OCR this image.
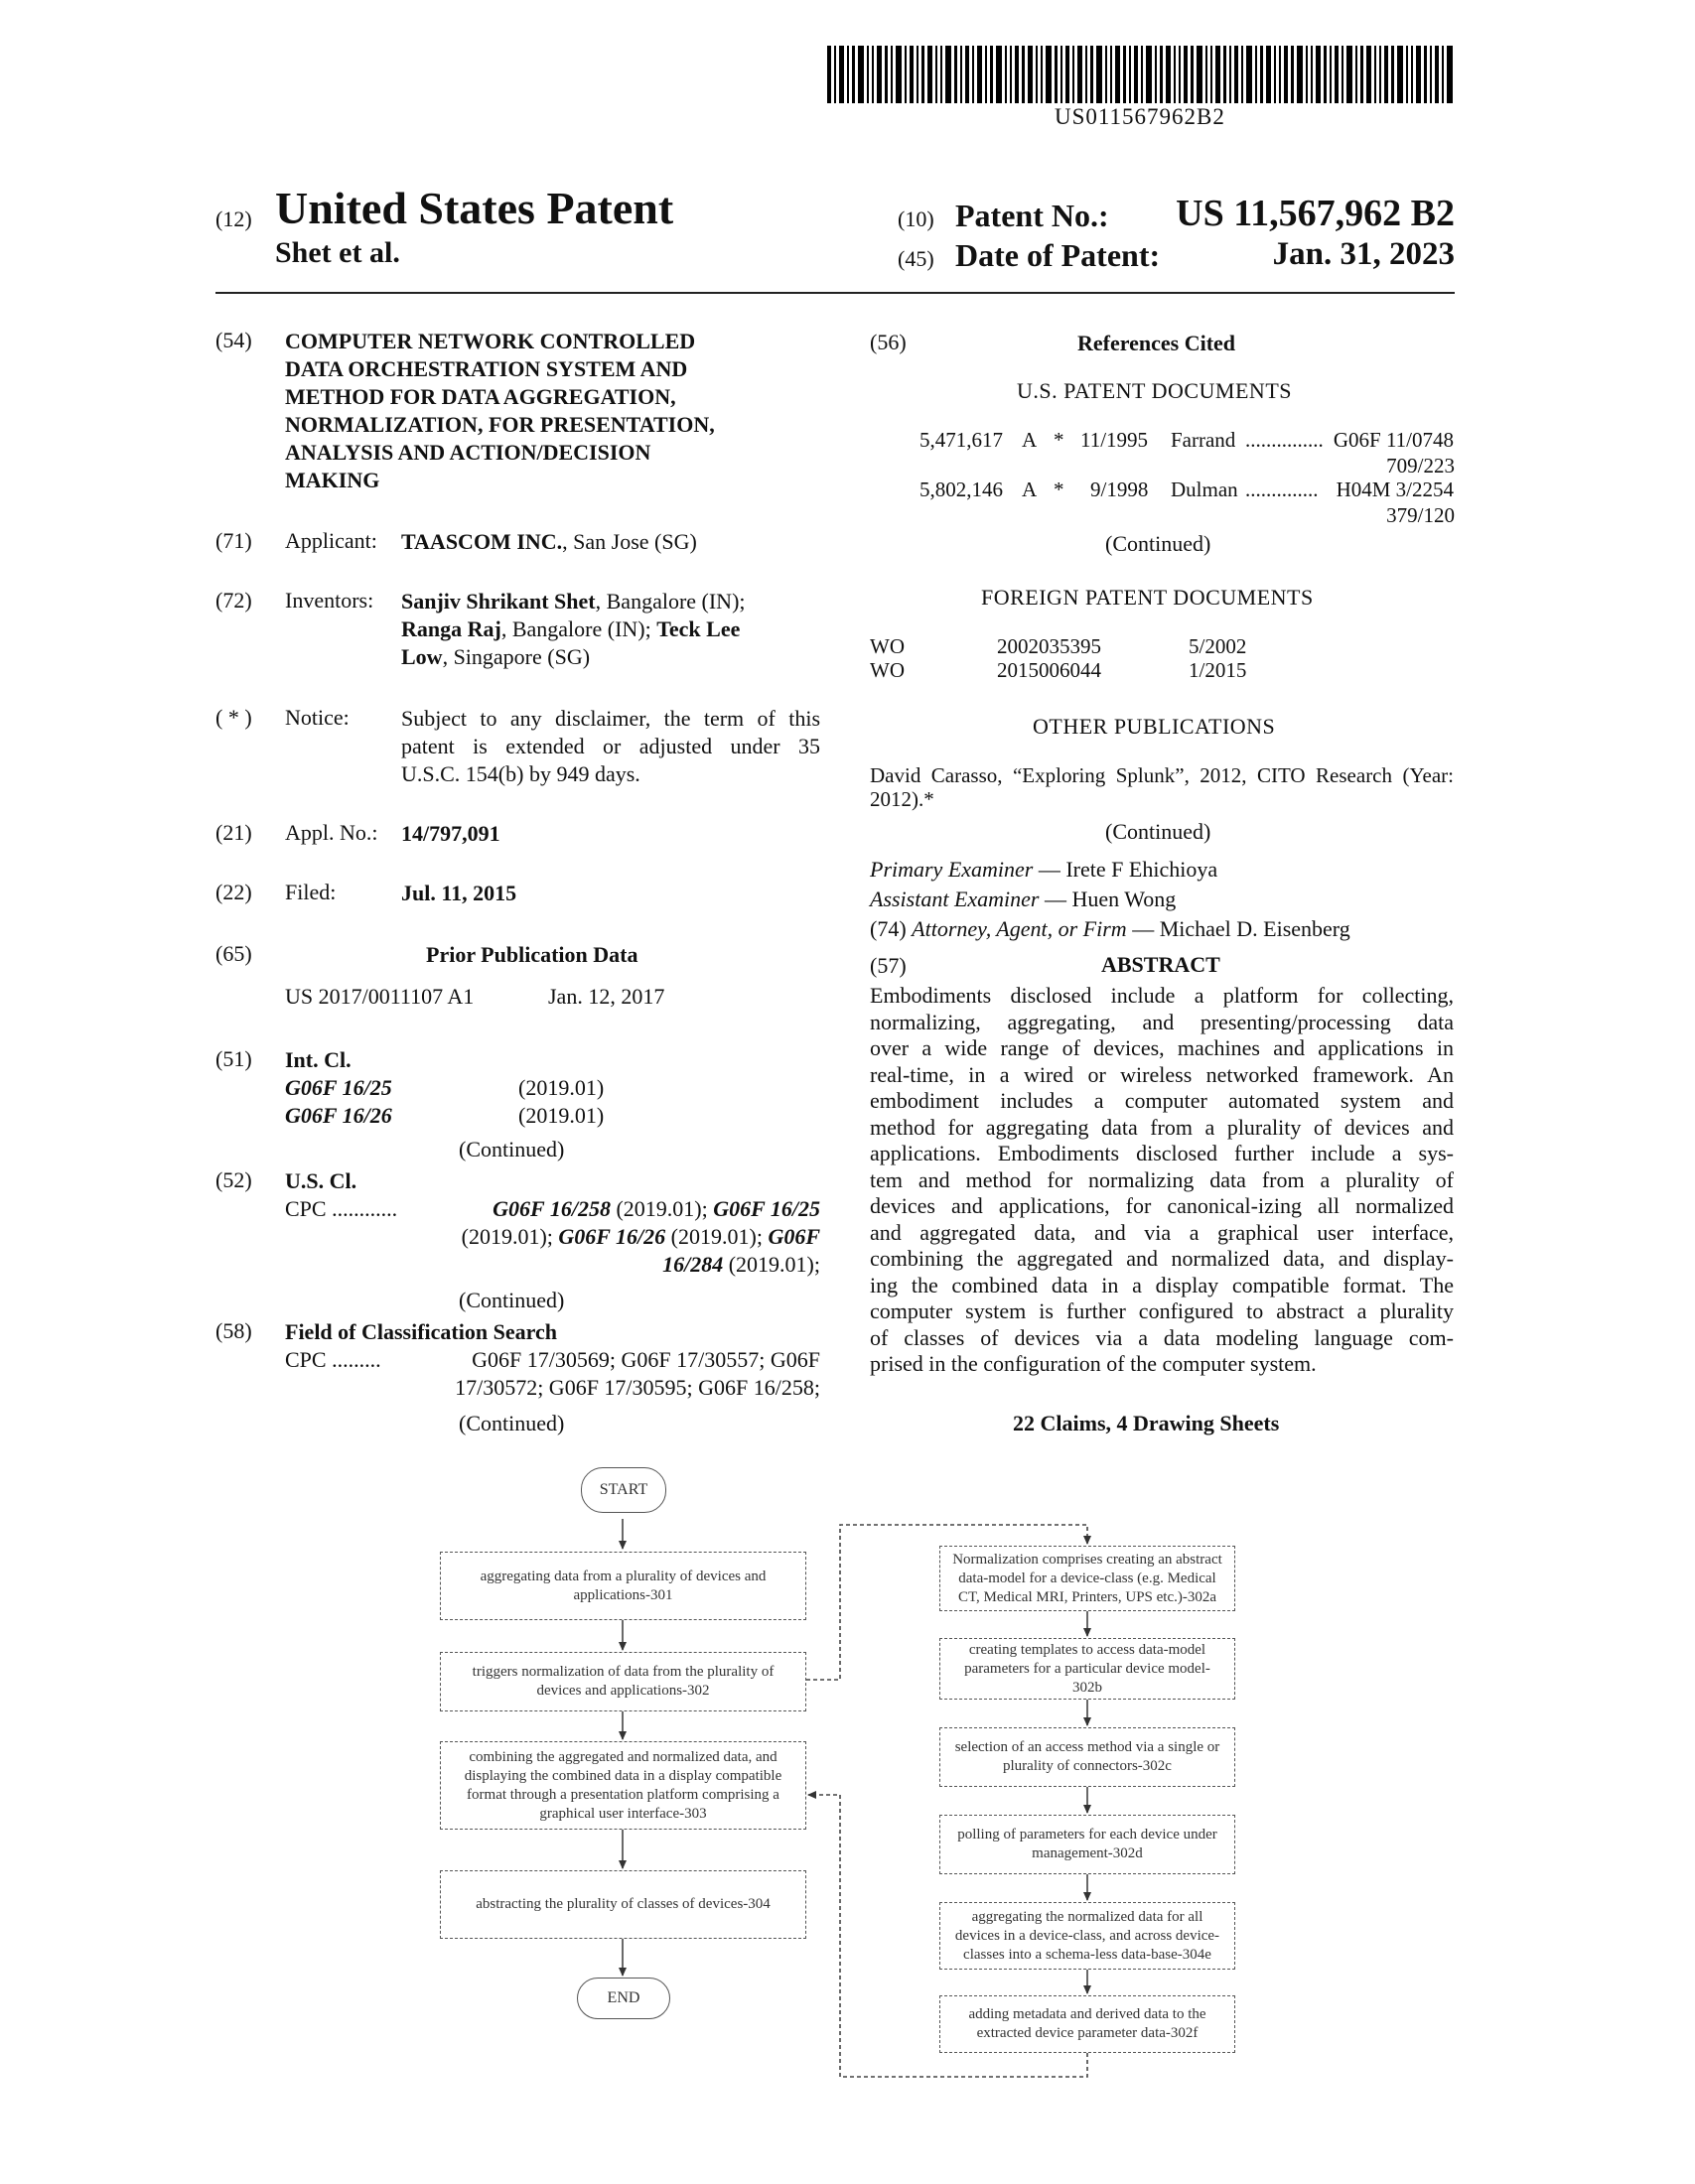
US011567962B2
(12) United States Patent
Shet et al.
(10) Patent No.: US 11,567,962 B2
(45) Date of Patent:	Jan. 31, 2023
(54)	COMPUTER NETWORK CONTROLLED
DATA ORCHESTRATION SYSTEM AND
METHOD FOR DATA AGGREGATION,
NORMALIZATION, FOR PRESENTATION,
ANALYSIS AND ACTION/DECISION
MAKING
(71)	Applicant: TAASCOM INC., San Jose (SG)
(72)	Inventors: Sanjiv Shrikant Shet, Bangalore (IN);
Ranga Raj, Bangalore (IN); Teck Lee
Low, Singapore (SG)
( * )	Notice: Subject to any disclaimer, the term of this
patent is extended or adjusted under 35
U.S.C. 154(b) by 949 days.
(21)	Appl. No.: 14/797,091
(22)	Filed:	Jul. 11, 2015
(65)	Prior Publication Data
US 2017/0011107 A1	Jan. 12, 2017
(51)	Int. Cl.
G06F 16/25	(2019.01)
G06F 16/26	(2019.01)
(Continued)
(52)	U.S. Cl.
CPC ............	G06F 16/258 (2019.01); G06F 16/25
(2019.01); G06F 16/26 (2019.01); G06F
16/284 (2019.01);
(Continued)
(58)	Field of Classification Search
CPC .........	G06F 17/30569; G06F 17/30557; G06F
17/30572; G06F 17/30595; G06F 16/258;
(Continued)
(56)	References Cited
U.S. PATENT DOCUMENTS
5,471,617 A * 11/1995 Farrand ............... G06F 11/0748
709/223
5,802,146 A * 9/1998 Dulman .............. H04M 3/2254
379/120
(Continued)
FOREIGN PATENT DOCUMENTS
WO	2002035395	5/2002
WO	2015006044	1/2015
OTHER PUBLICATIONS
David Carasso, “Exploring Splunk”, 2012, CITO Research (Year:
2012).*
(Continued)
Primary Examiner — Irete F Ehichioya
Assistant Examiner — Huen Wong
(74) Attorney, Agent, or Firm — Michael D. Eisenberg
(57)	ABSTRACT
Embodiments disclosed include a platform for collecting,
normalizing, aggregating, and presenting/processing data
over a wide range of devices, machines and applications in
real-time, in a wired or wireless networked framework. An
embodiment includes a computer automated system and
method for aggregating data from a plurality of devices and
applications. Embodiments disclosed further include a sys-
tem and method for normalizing data from a plurality of
devices and applications, for canonical-izing all normalized
and aggregated data, and via a graphical user interface,
combining the aggregated and normalized data, and display-
ing the combined data in a display compatible format. The
computer system is further configured to abstract a plurality
of classes of devices via a data modeling language com-
prised in the configuration of the computer system.
22 Claims, 4 Drawing Sheets
START
aggregating data from a plurality of devices and applications-301
triggers normalization of data from the plurality of devices and applications-302
combining the aggregated and normalized data, and displaying the combined data in a display compatible format through a presentation platform comprising a graphical user interface-303
abstracting the plurality of classes of devices-304
END
Normalization comprises creating an abstract data-model for a device-class (e.g. Medical CT, Medical MRI, Printers, UPS etc.)-302a
creating templates to access data-model parameters for a particular device model-302b
selection of an access method via a single or plurality of connectors-302c
polling of parameters for each device under management-302d
aggregating the normalized data for all devices in a device-class, and across device-classes into a schema-less data-base-304e
adding metadata and derived data to the extracted device parameter data-302f
